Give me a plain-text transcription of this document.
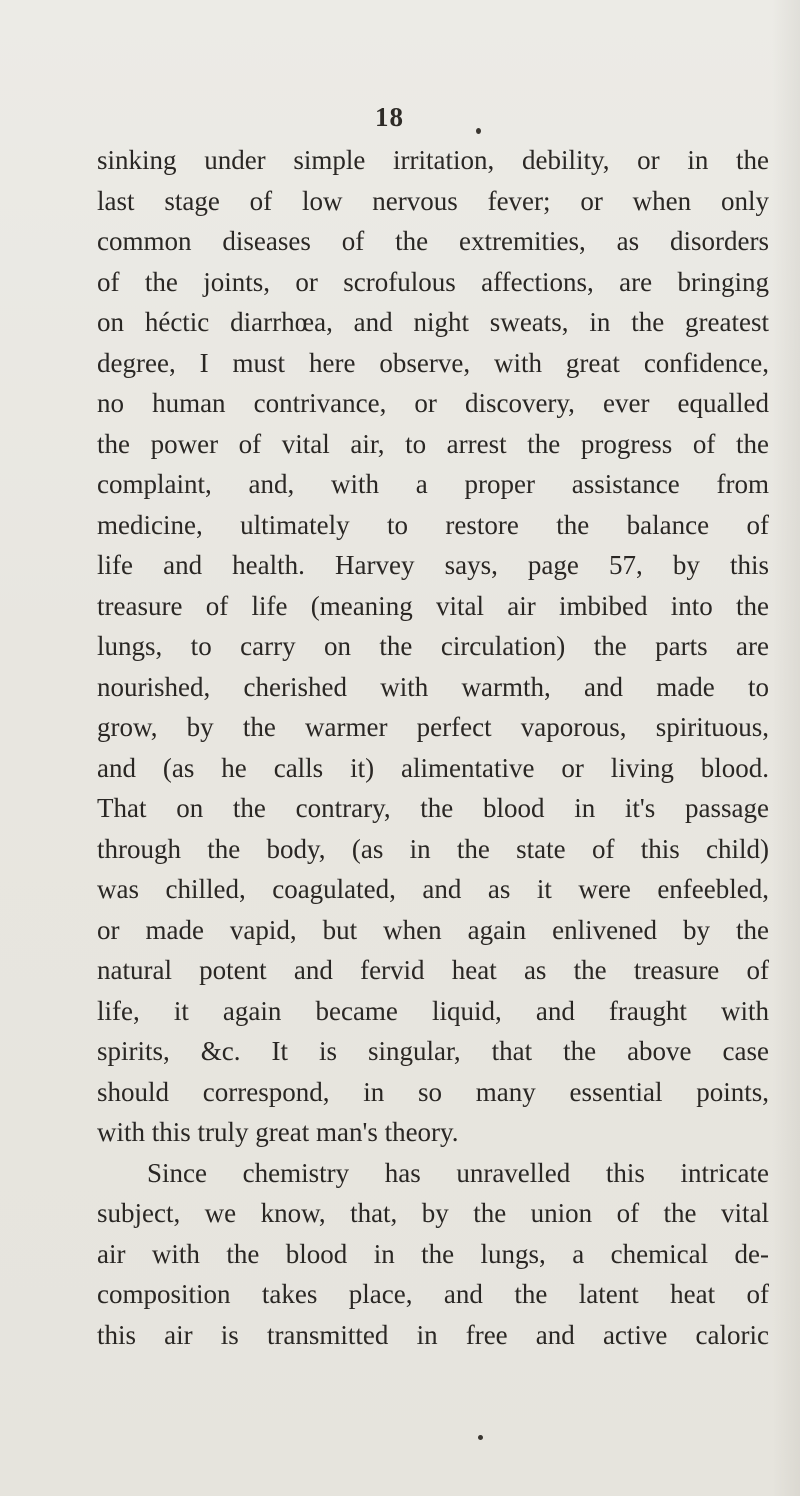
18
sinking under simple irritation, debility, or in the
last stage of low nervous fever; or when only
common diseases of the extremities, as disorders
of the joints, or scrofulous affections, are bringing
on héctic diarrhœa, and night sweats, in the greatest
degree, I must here observe, with great confidence,
no human contrivance, or discovery, ever equalled
the power of vital air, to arrest the progress of the
complaint, and, with a proper assistance from
medicine, ultimately to restore the balance of
life and health. Harvey says, page 57, by this
treasure of life (meaning vital air imbibed into the
lungs, to carry on the circulation) the parts are
nourished, cherished with warmth, and made to
grow, by the warmer perfect vaporous, spirituous,
and (as he calls it) alimentative or living blood.
That on the contrary, the blood in it's passage
through the body, (as in the state of this child)
was chilled, coagulated, and as it were enfeebled,
or made vapid, but when again enlivened by the
natural potent and fervid heat as the treasure of
life, it again became liquid, and fraught with
spirits, &c. It is singular, that the above case
should correspond, in so many essential points,
with this truly great man's theory.
Since chemistry has unravelled this intricate
subject, we know, that, by the union of the vital
air with the blood in the lungs, a chemical de-
composition takes place, and the latent heat of
this air is transmitted in free and active caloric
